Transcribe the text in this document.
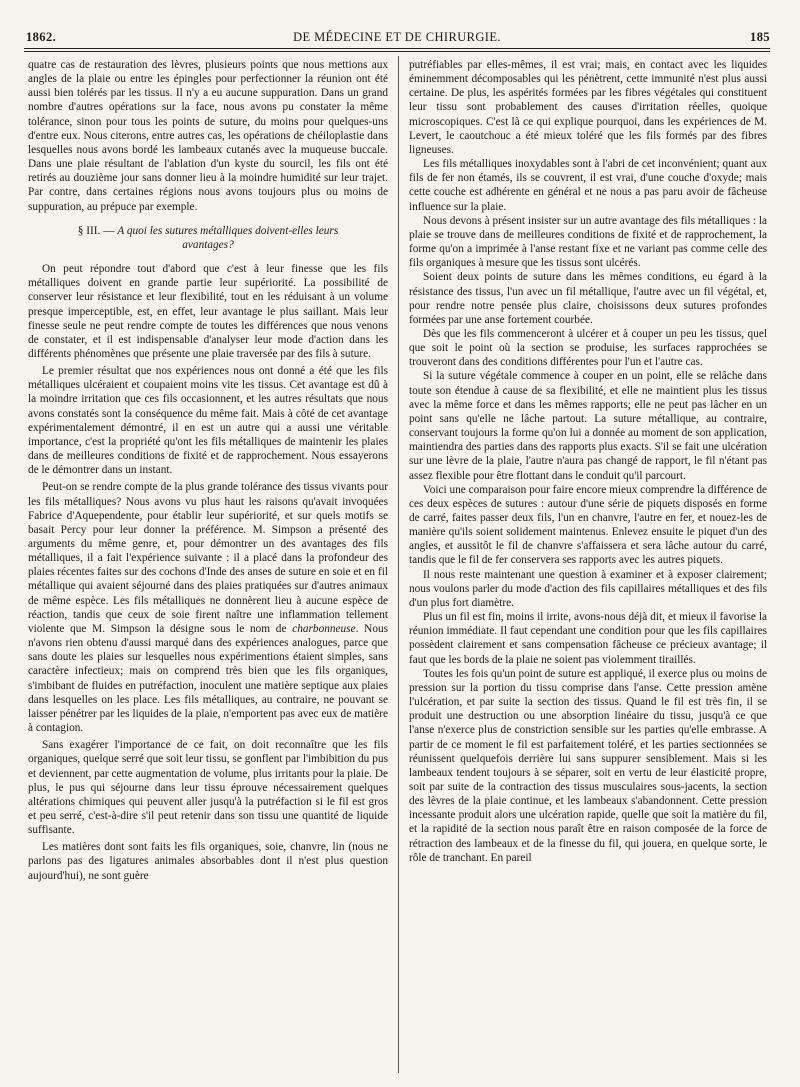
1862.	DE MÉDECINE ET DE CHIRURGIE.	185

quatre cas de restauration des lèvres, plusieurs points que nous mettions aux angles de la plaie ou entre les épingles pour perfectionner la réunion ont été aussi bien tolérés par les tissus. Il n'y a eu aucune suppuration. Dans un grand nombre d'autres opérations sur la face, nous avons pu constater la même tolérance, sinon pour tous les points de suture, du moins pour quelques-uns d'entre eux. Nous citerons, entre autres cas, les opérations de chéiloplastie dans lesquelles nous avons bordé les lambeaux cutanés avec la muqueuse buccale. Dans une plaie résultant de l'ablation d'un kyste du sourcil, les fils ont été retirés au douzième jour sans donner lieu à la moindre humidité sur leur trajet. Par contre, dans certaines régions nous avons toujours plus ou moins de suppuration, au prépuce par exemple.

§ III. — A quoi les sutures métalliques doivent-elles leurs avantages?

On peut répondre tout d'abord que c'est à leur finesse que les fils métalliques doivent en grande partie leur supériorité. La possibilité de conserver leur résistance et leur flexibilité, tout en les réduisant à un volume presque imperceptible, est, en effet, leur avantage le plus saillant. Mais leur finesse seule ne peut rendre compte de toutes les différences que nous venons de constater, et il est indispensable d'analyser leur mode d'action dans les différents phénomènes que présente une plaie traversée par des fils à suture.

Le premier résultat que nos expériences nous ont donné a été que les fils métalliques ulcéraient et coupaient moins vite les tissus. Cet avantage est dû à la moindre irritation que ces fils occasionnent, et les autres résultats que nous avons constatés sont la conséquence du même fait. Mais à côté de cet avantage expérimentalement démontré, il en est un autre qui a aussi une véritable importance, c'est la propriété qu'ont les fils métalliques de maintenir les plaies dans de meilleures conditions de fixité et de rapprochement. Nous essayerons de le démontrer dans un instant.

Peut-on se rendre compte de la plus grande tolérance des tissus vivants pour les fils métalliques? Nous avons vu plus haut les raisons qu'avait invoquées Fabrice d'Aquependente, pour établir leur supériorité, et sur quels motifs se basait Percy pour leur donner la préférence. M. Simpson a présenté des arguments du même genre, et, pour démontrer un des avantages des fils métalliques, il a fait l'expérience suivante : il a placé dans la profondeur des plaies récentes faites sur des cochons d'Inde des anses de suture en soie et en fil métallique qui avaient séjourné dans des plaies pratiquées sur d'autres animaux de même espèce. Les fils métalliques ne donnèrent lieu à aucune espèce de réaction, tandis que ceux de soie firent naître une inflammation tellement violente que M. Simpson la désigne sous le nom de charbonneuse. Nous n'avons rien obtenu d'aussi marqué dans des expériences analogues, parce que sans doute les plaies sur lesquelles nous expérimentions étaient simples, sans caractère infectieux; mais on comprend très bien que les fils organiques, s'imbibant de fluides en putréfaction, inoculent une matière septique aux plaies dans lesquelles on les place. Les fils métalliques, au contraire, ne pouvant se laisser pénétrer par les liquides de la plaie, n'emportent pas avec eux de matière à contagion.

Sans exagérer l'importance de ce fait, on doit reconnaître que les fils organiques, quelque serré que soit leur tissu, se gonflent par l'imbibition du pus et deviennent, par cette augmentation de volume, plus irritants pour la plaie. De plus, le pus qui séjourne dans leur tissu éprouve nécessairement quelques altérations chimiques qui peuvent aller jusqu'à la putréfaction si le fil est gros et peu serré, c'est-à-dire s'il peut retenir dans son tissu une quantité de liquide suffisante.

Les matières dont sont faits les fils organiques, soie, chanvre, lin (nous ne parlons pas des ligatures animales absorbables dont il n'est plus question aujourd'hui), ne sont guère

putréfiables par elles-mêmes, il est vrai; mais, en contact avec les liquides éminemment décomposables qui les pénètrent, cette immunité n'est plus aussi certaine. De plus, les aspérités formées par les fibres végétales qui constituent leur tissu sont probablement des causes d'irritation réelles, quoique microscopiques. C'est là ce qui explique pourquoi, dans les expériences de M. Levert, le caoutchouc a été mieux toléré que les fils formés par des fibres ligneuses.

Les fils métalliques inoxydables sont à l'abri de cet inconvénient; quant aux fils de fer non étamés, ils se couvrent, il est vrai, d'une couche d'oxyde; mais cette couche est adhérente en général et ne nous a pas paru avoir de fâcheuse influence sur la plaie.

Nous devons à présent insister sur un autre avantage des fils métalliques : la plaie se trouve dans de meilleures conditions de fixité et de rapprochement, la forme qu'on a imprimée à l'anse restant fixe et ne variant pas comme celle des fils organiques à mesure que les tissus sont ulcérés.

Soient deux points de suture dans les mêmes conditions, eu égard à la résistance des tissus, l'un avec un fil métallique, l'autre avec un fil végétal, et, pour rendre notre pensée plus claire, choisissons deux sutures profondes formées par une anse fortement courbée.

Dès que les fils commenceront à ulcérer et à couper un peu les tissus, quel que soit le point où la section se produise, les surfaces rapprochées se trouveront dans des conditions différentes pour l'un et l'autre cas.

Si la suture végétale commence à couper en un point, elle se relâche dans toute son étendue à cause de sa flexibilité, et elle ne maintient plus les tissus avec la même force et dans les mêmes rapports; elle ne peut pas lâcher en un point sans qu'elle ne lâche partout. La suture métallique, au contraire, conservant toujours la forme qu'on lui a donnée au moment de son application, maintiendra des parties dans des rapports plus exacts. S'il se fait une ulcération sur une lèvre de la plaie, l'autre n'aura pas changé de rapport, le fil n'étant pas assez flexible pour être flottant dans le conduit qu'il parcourt.

Voici une comparaison pour faire encore mieux comprendre la différence de ces deux espèces de sutures : autour d'une série de piquets disposés en forme de carré, faites passer deux fils, l'un en chanvre, l'autre en fer, et nouez-les de manière qu'ils soient solidement maintenus. Enlevez ensuite le piquet d'un des angles, et aussitôt le fil de chanvre s'affaissera et sera lâche autour du carré, tandis que le fil de fer conservera ses rapports avec les autres piquets.

Il nous reste maintenant une question à examiner et à exposer clairement; nous voulons parler du mode d'action des fils capillaires métalliques et des fils d'un plus fort diamètre.

Plus un fil est fin, moins il irrite, avons-nous déjà dit, et mieux il favorise la réunion immédiate. Il faut cependant une condition pour que les fils capillaires possèdent clairement et sans compensation fâcheuse ce précieux avantage; il faut que les bords de la plaie ne soient pas violemment tiraillés.

Toutes les fois qu'un point de suture est appliqué, il exerce plus ou moins de pression sur la portion du tissu comprise dans l'anse. Cette pression amène l'ulcération, et par suite la section des tissus. Quand le fil est très fin, il se produit une destruction ou une absorption linéaire du tissu, jusqu'à ce que l'anse n'exerce plus de constriction sensible sur les parties qu'elle embrasse. A partir de ce moment le fil est parfaitement toléré, et les parties sectionnées se réunissent quelquefois derrière lui sans suppurer sensiblement. Mais si les lambeaux tendent toujours à se séparer, soit en vertu de leur élasticité propre, soit par suite de la contraction des tissus musculaires sous-jacents, la section des lèvres de la plaie continue, et les lambeaux s'abandonnent. Cette pression incessante produit alors une ulcération rapide, quelle que soit la matière du fil, et la rapidité de la section nous paraît être en raison composée de la force de rétraction des lambeaux et de la finesse du fil, qui jouera, en quelque sorte, le rôle de tranchant. En pareil
